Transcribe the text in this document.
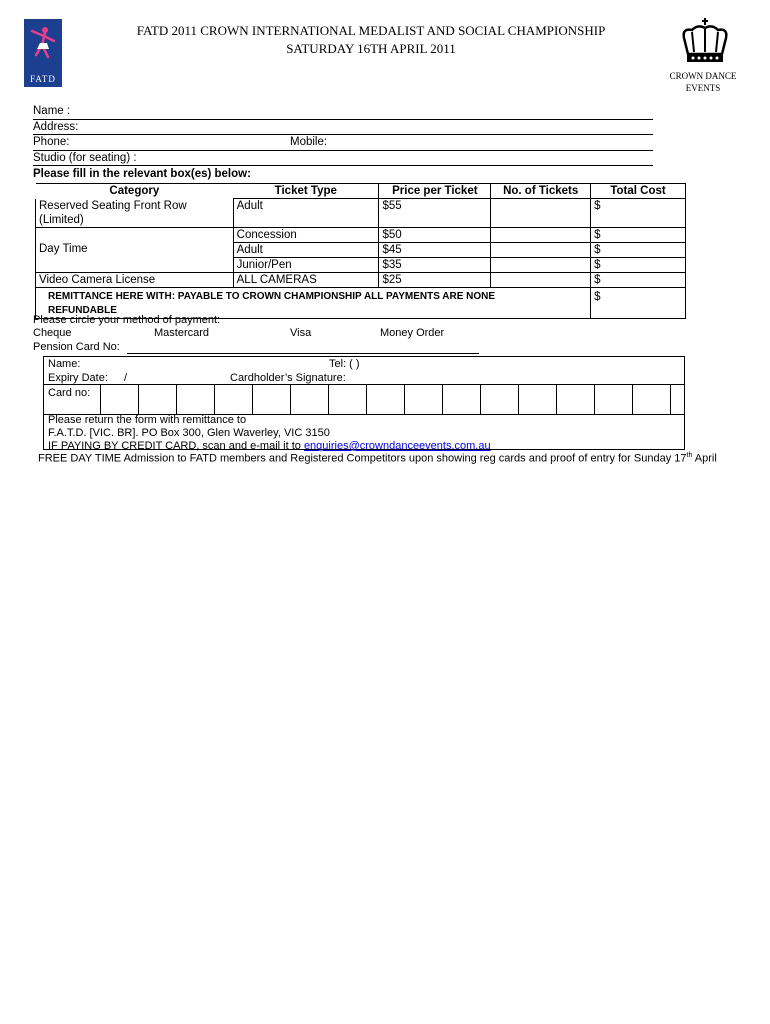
FATD
FATD 2011 CROWN INTERNATIONAL MEDALIST AND SOCIAL CHAMPIONSHIP
SATURDAY 16TH APRIL 2011
CROWN DANCE
EVENTS
Name :
Address:
Phone:	Mobile:
Studio (for seating) :
Please fill in the relevant box(es) below:
Category	Ticket Type	Price per Ticket	No. of Tickets	Total Cost

Reserved Seating Front Row
(Limited)	Adult	$55		$
	Concession	$50		$
Day Time	Adult	$45		$
	Junior/Pen	$35		$
Video Camera License	ALL CAMERAS	$25		$

REMITTANCE HERE WITH: PAYABLE TO CROWN CHAMPIONSHIP ALL PAYMENTS ARE NONE
REFUNDABLE				$
Please circle your method of payment:
Cheque	Mastercard	Visa	Money Order
Pension Card No:
Name:	Tel: ( )
Expiry Date: /	Cardholder’s Signature:
Card no:
Please return the form with remittance to
F.A.T.D. [VIC. BR]. PO Box 300, Glen Waverley, VIC 3150
IF PAYING BY CREDIT CARD, scan and e-mail it to enquiries@crowndanceevents.com.au
FREE DAY TIME Admission to FATD members and Registered Competitors upon showing reg cards and proof of entry for Sunday 17th April
